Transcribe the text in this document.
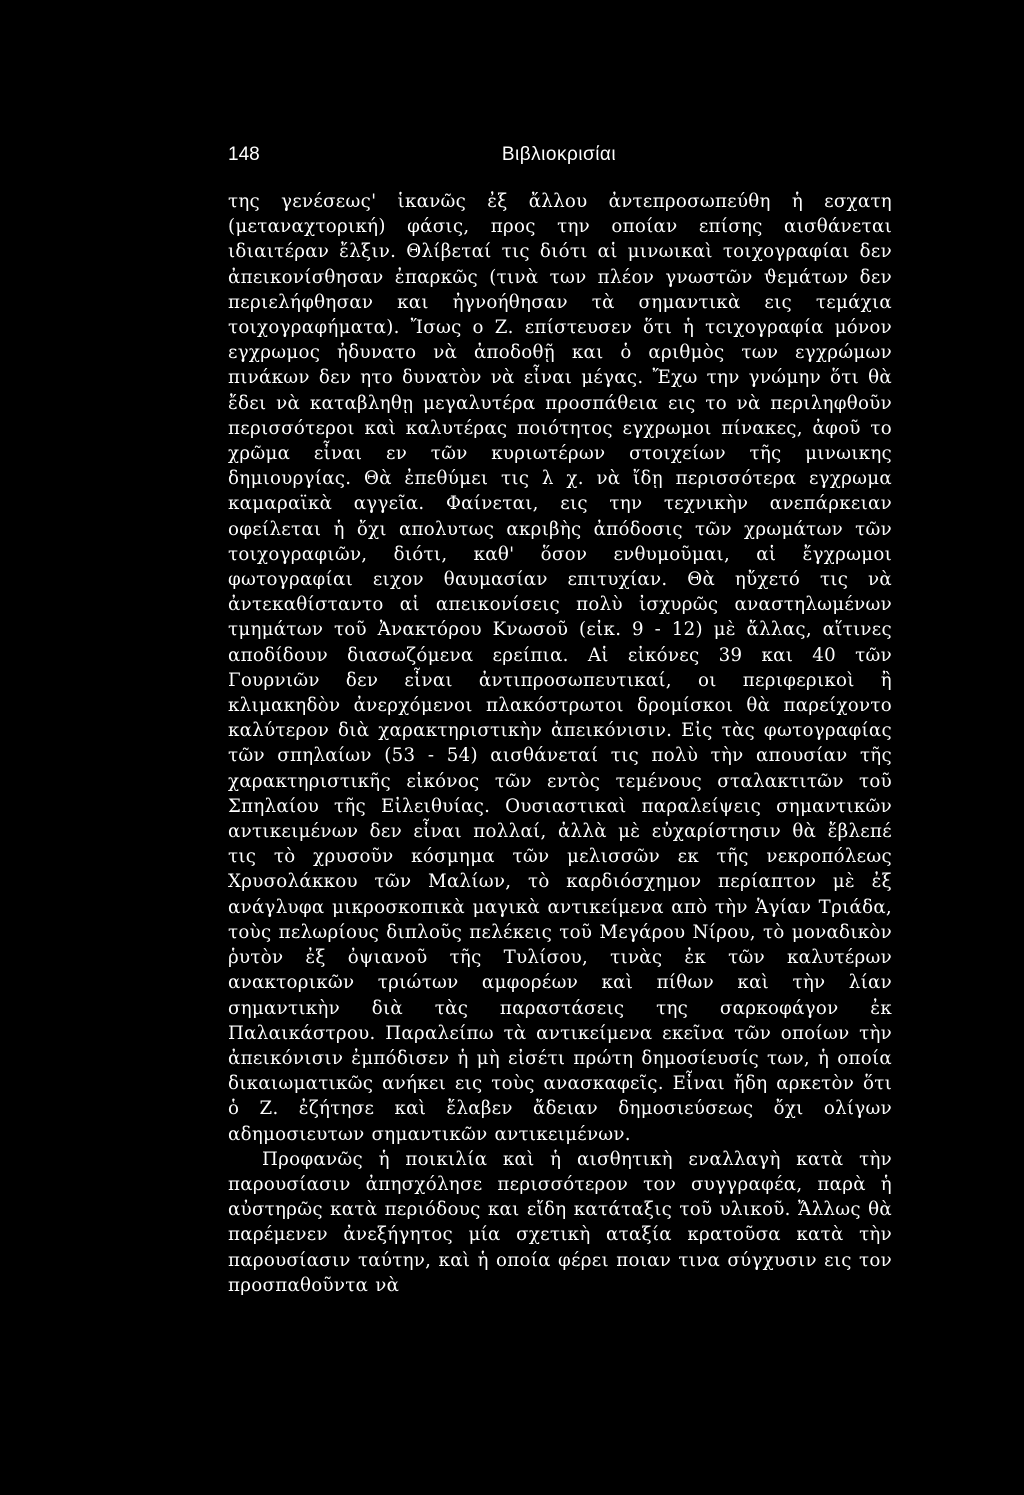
148	Βιβλιοκρισίαι

της γενέσεως' ἱκανῶς ἐξ ἄλλου ἀντεπροσωπεύθη ἡ εσχατη (μεταναχτορική) φάσις, προς την οποίαν επίσης αισθάνεται ιδιαιτέραν ἔλξιν. Θλίβεταί τις διότι αἱ μινωικαὶ τοιχογραφίαι δεν ἀπεικονίσθησαν ἐπαρκῶς (τινὰ των πλέον γνωστῶν ϑεμάτων δεν περιελήφθησαν και ἠγνοήθησαν τὰ σημαντικὰ εις τεμάχια τοιχογραφήματα). Ἴσως ο Ζ. επίστευσεν ὅτι ἡ τcιχογραφία μόνον εγχρωμος ἠδυνατο νὰ ἀποδοθῇ και ὁ αριθμὸς των εγχρώμων πινάκων δεν ητο δυνατὸν νὰ εἶναι μέγας. Ἔχω την γνώμην ὅτι θὰ ἔδει νὰ καταβληθῃ μεγαλυτέρα προσπάθεια εις το νὰ περιληφθοῦν περισσότεροι καὶ καλυτέρας ποιότητος εγχρωμοι πίνακες, ἀφοῦ το χρῶμα εἶναι εν τῶν κυριωτέρων στοιχείων τῆς μινωικης δημιουργίας. Θὰ ἐπεθύμει τις λ χ. νὰ ἴδῃ περισσότερα εγχρωμα καμαραϊκὰ αγγεῖα. Φαίνεται, εις την τεχνικὴν ανεπάρκειαν οφείλεται ἡ ὄχι απολυτως ακριβὴς ἀπόδοσις τῶν χρωμάτων τῶν τοιχογραφιῶν, διότι, καθ' ὅσον ενθυμοῦμαι, αἱ ἔγχρωμοι φωτογραφίαι ειχον θαυμασίαν επιτυχίαν. Θὰ ηὔχετό τις νὰ ἀντεκαθίσταντο αἱ απεικονίσεις πολὺ ἰσχυρῶς αναστηλωμένων τμημάτων τοῦ Ἀνακτόρου Κνωσοῦ (εἰκ. 9 - 12) μὲ ἄλλας, αἵτινες αποδίδουν διασωζόμενα ερείπια. Αἱ εἰκόνες 39 και 40 τῶν Γουρνιῶν δεν εἶναι ἀντιπροσωπευτικαί, οι περιφερικοὶ ἢ κλιμακηδὸν ἀνερχόμενοι πλακόστρωτοι δρομίσκοι θὰ παρείχοντο καλύτερον διὰ χαρακτηριστικὴν ἀπεικόνισιν. Εἰς τὰς φωτογραφίας τῶν σπηλαίων (53 - 54) αισθάνεταί τις πολὺ τὴν απουσίαν τῆς χαρακτηριστικῆς εἰκόνος τῶν εντὸς τεμένους σταλακτιτῶν τοῦ Σπηλαίου τῆς Εἰλειθυίας. Ουσιαστικαὶ παραλείψεις σημαντικῶν αντικειμένων δεν εἶναι πολλαί, ἀλλὰ μὲ εὐχαρίστησιν θὰ ἔβλεπέ τις τὸ χρυσοῦν κόσμημα τῶν μελισσῶν εκ τῆς νεκροπόλεως Χρυσολάκκου τῶν Μαλίων, τὸ καρδιόσχημον περίαπτον μὲ ἐξ ανάγλυφα μικροσκοπικὰ μαγικὰ αντικείμενα απὸ τὴν Ἁγίαν Τριάδα, τοὺς πελωρίους διπλοῦς πελέκεις τοῦ Μεγάρου Νίρου, τὸ μοναδικὸν ῥυτὸν ἐξ ὀψιανοῦ τῆς Τυλίσου, τινὰς ἐκ τῶν καλυτέρων ανακτορικῶν τριώτων αμφορέων καὶ πίθων καὶ τὴν λίαν σημαντικὴν διὰ τὰς παραστάσεις της σαρκοφάγον ἐκ Παλαικάστρου. Παραλείπω τὰ αντικείμενα εκεῖνα τῶν οποίων τὴν ἀπεικόνισιν ἐμπόδισεν ἡ μὴ εἰσέτι πρώτη δημοσίευσίς των, ἡ οποία δικαιωματικῶς ανήκει εις τοὺς ανασκαφεῖς. Εἶναι ἤδη αρκετὸν ὅτι ὁ Ζ. ἐζήτησε καὶ ἔλαβεν ἄδειαν δημοσιεύσεως ὄχι ολίγων αδημοσιευτων σημαντικῶν αντικειμένων.

Προφανῶς ἡ ποικιλία καὶ ἡ αισθητικὴ εναλλαγὴ κατὰ τὴν παρουσίασιν ἀπησχόλησε περισσότερον τον συγγραφέα, παρὰ ἡ αὐστηρῶς κατὰ περιόδους και εἴδη κατάταξις τοῦ υλικοῦ. Ἄλλως θὰ παρέμενεν ἀνεξήγητος μία σχετικὴ αταξία κρατοῦσα κατὰ τὴν παρουσίασιν ταύτην, καὶ ἡ οποία φέρει ποιαν τινα σύγχυσιν εις τον προσπαθοῦντα νὰ
